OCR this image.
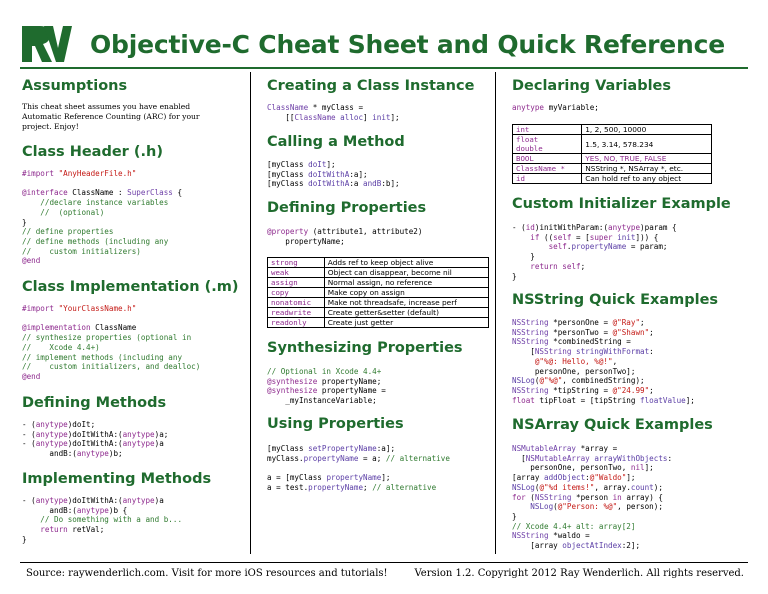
Objective-C Cheat Sheet and Quick Reference
Assumptions

This cheat sheet assumes you have enabled Automatic Reference Counting (ARC) for your project. Enjoy!

Class Header (.h)
#import "AnyHeaderFile.h"

@interface ClassName : SuperClass {
//declare instance variables
//  (optional)
}
// define properties
// define methods (including any
//    custom initializers)
@end
Class Implementation (.m)
#import "YourClassName.h"

@implementation ClassName
// synthesize properties (optional in
//    Xcode 4.4+)
// implement methods (including any
//    custom initializers, and dealloc)
@end
Defining Methods
- (anytype)doIt;
- (anytype)doItWithA:(anytype)a;
- (anytype)doItWithA:(anytype)a
andB:(anytype)b;
Implementing Methods
- (anytype)doItWithA:(anytype)a
andB:(anytype)b {
// Do something with a and b...
return retVal;
}
Creating a Class Instance
ClassName * myClass =
[[ClassName alloc] init];
Calling a Method
[myClass doIt];
[myClass doItWithA:a];
[myClass doItWithA:a andB:b];
Defining Properties
@property (attribute1, attribute2)
propertyName;
strong	Adds ref to keep object alive
weak	Object can disappear, become nil
assign	Normal assign, no reference
copy	Make copy on assign
nonatomic	Make not threadsafe, increase perf
readwrite	Create getter&setter (default)
readonly	Create just getter
Synthesizing Properties
// Optional in Xcode 4.4+
@synthesize propertyName;
@synthesize propertyName =
_myInstanceVariable;
Using Properties
[myClass setPropertyName:a];
myClass.propertyName = a; // alternative

a = [myClass propertyName];
a = test.propertyName; // alternative
Declaring Variables
anytype myVariable;
int	1, 2, 500, 10000
float
double	1.5, 3.14, 578.234
BOOL	YES, NO, TRUE, FALSE
ClassName *	NSString *, NSArray *, etc.
id	Can hold ref to any object
Custom Initializer Example
- (id)initWithParam:(anytype)param {
if ((self = [super init])) {
self.propertyName = param;
}
return self;
}
NSString Quick Examples
NSString *personOne = @"Ray";
NSString *personTwo = @"Shawn";
NSString *combinedString =
[NSString stringWithFormat:
@"%@: Hello, %@!",
personOne, personTwo];
NSLog(@"%@", combinedString);
NSString *tipString = @"24.99";
float tipFloat = [tipString floatValue];
NSArray Quick Examples
NSMutableArray *array =
[NSMutableArray arrayWithObjects:
personOne, personTwo, nil];
[array addObject:@"Waldo"];
NSLog(@"%d items!", array.count);
for (NSString *person in array) {
NSLog(@"Person: %@", person);
}
// Xcode 4.4+ alt: array[2]
NSString *waldo =
[array objectAtIndex:2];
Source: raywenderlich.com. Visit for more iOS resources and tutorials!	Version 1.2. Copyright 2012 Ray Wenderlich. All rights reserved.
